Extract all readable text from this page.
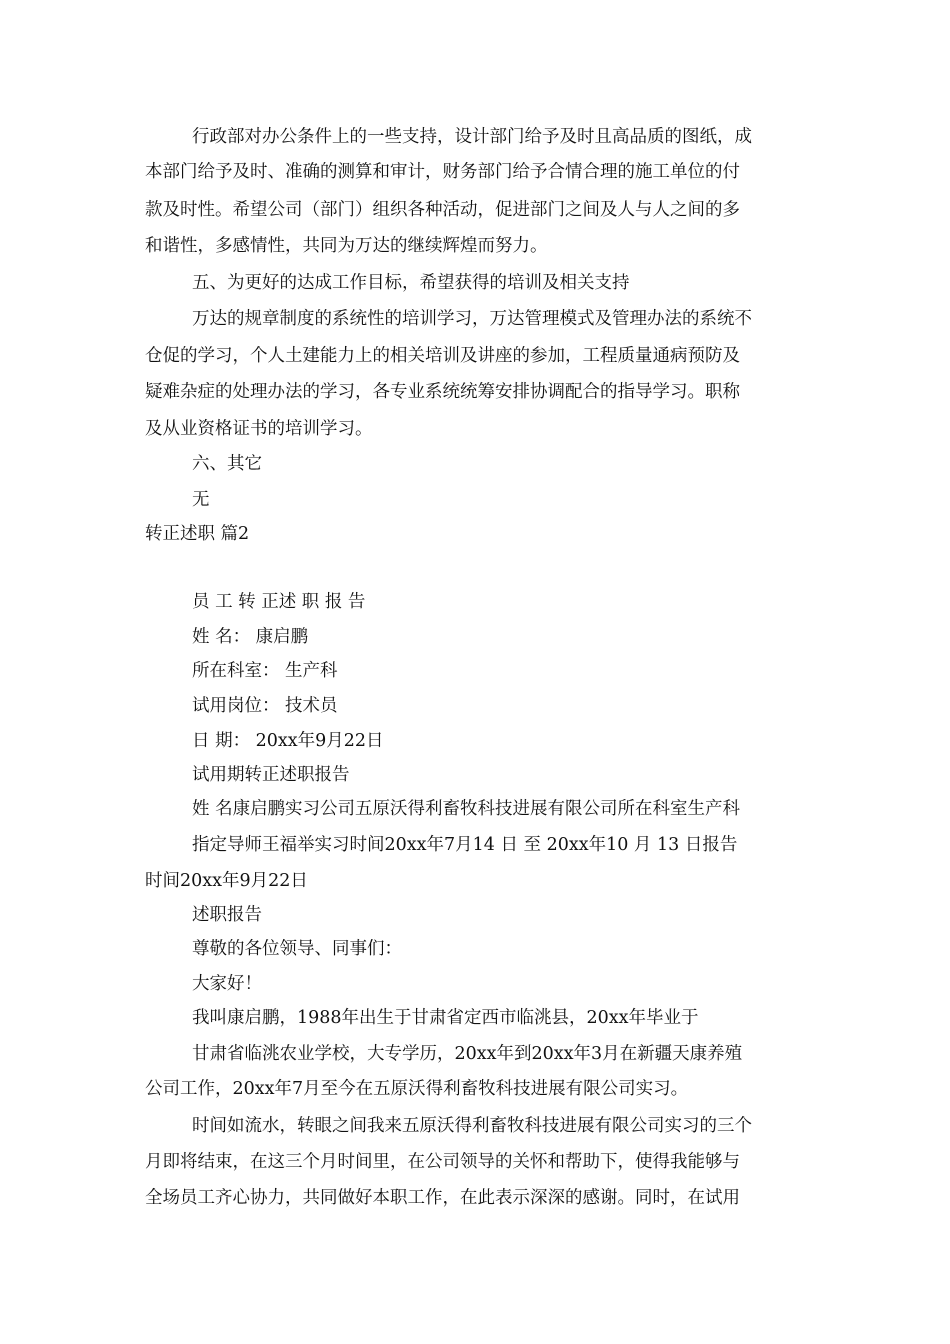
行政部对办公条件上的一些支持，设计部门给予及时且高品质的图纸，成
本部门给予及时、准确的测算和审计，财务部门给予合情合理的施工单位的付
款及时性。希望公司（部门）组织各种活动，促进部门之间及人与人之间的多
和谐性，多感情性，共同为万达的继续辉煌而努力。
五、为更好的达成工作目标，希望获得的培训及相关支持
万达的规章制度的系统性的培训学习，万达管理模式及管理办法的系统不
仓促的学习，个人土建能力上的相关培训及讲座的参加，工程质量通病预防及
疑难杂症的处理办法的学习，各专业系统统筹安排协调配合的指导学习。职称
及从业资格证书的培训学习。
六、其它
无
转正述职 篇2
员 工 转 正述 职 报 告
姓 名： 康启鹏
所在科室： 生产科
试用岗位： 技术员
日 期： 20xx年9月22日
试用期转正述职报告
姓 名康启鹏实习公司五原沃得利畜牧科技进展有限公司所在科室生产科
指定导师王福举实习时间20xx年7月14 日 至 20xx年10 月 13 日报告
时间20xx年9月22日
述职报告
尊敬的各位领导、同事们：
大家好！
我叫康启鹏，1988年出生于甘肃省定西市临洮县，20xx年毕业于
甘肃省临洮农业学校，大专学历，20xx年到20xx年3月在新疆天康养殖
公司工作，20xx年7月至今在五原沃得利畜牧科技进展有限公司实习。
时间如流水，转眼之间我来五原沃得利畜牧科技进展有限公司实习的三个
月即将结束，在这三个月时间里，在公司领导的关怀和帮助下，使得我能够与
全场员工齐心协力，共同做好本职工作，在此表示深深的感谢。同时，在试用
